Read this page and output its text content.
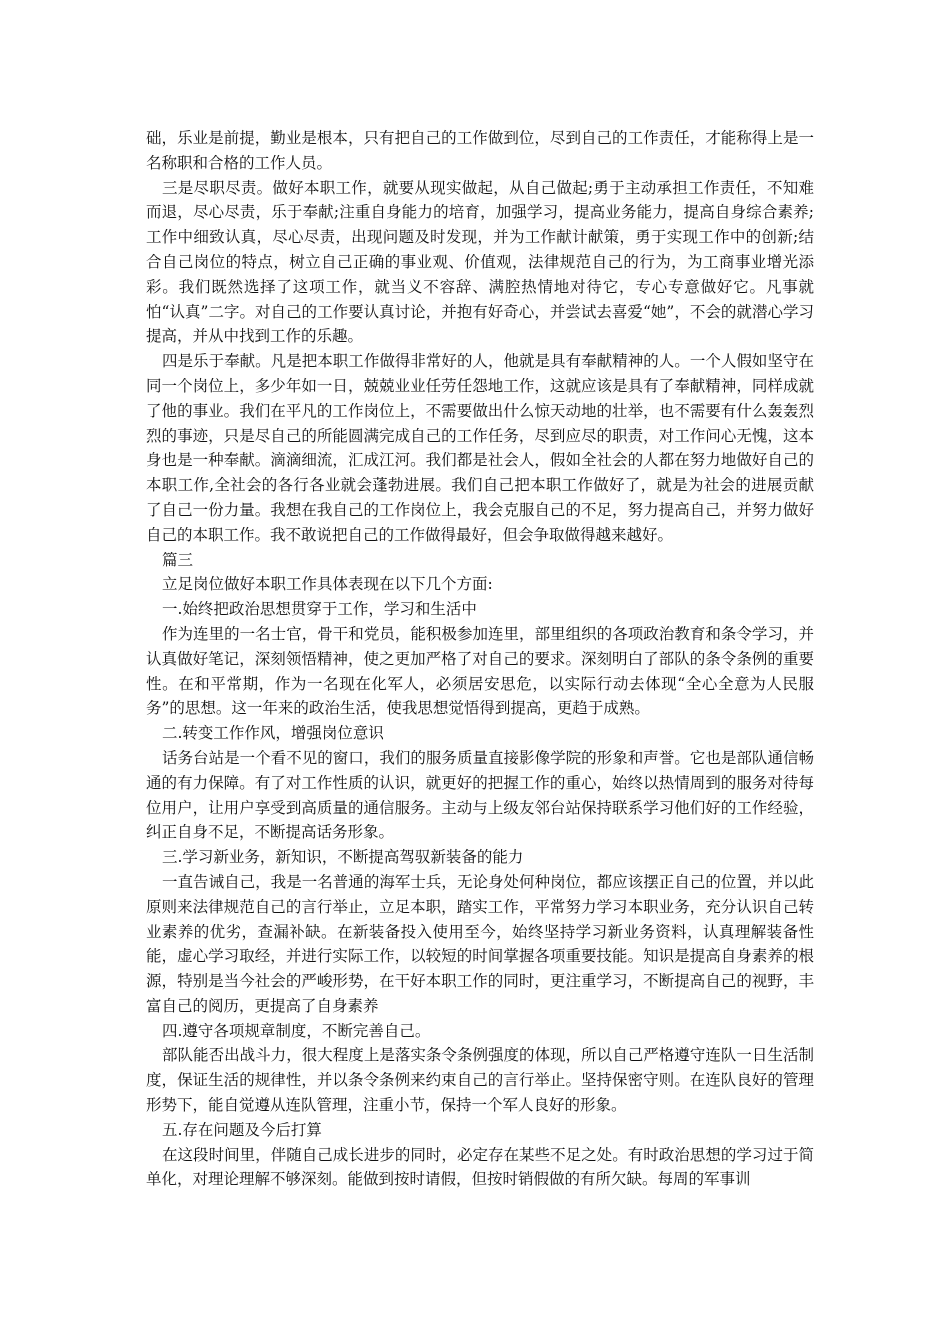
础，乐业是前提，勤业是根本，只有把自己的工作做到位，尽到自己的工作责任，才能称得上是一名称职和合格的工作人员。

三是尽职尽责。做好本职工作，就要从现实做起，从自己做起;勇于主动承担工作责任，不知难而退，尽心尽责，乐于奉献;注重自身能力的培育，加强学习，提高业务能力，提高自身综合素养;工作中细致认真，尽心尽责，出现问题及时发现，并为工作献计献策，勇于实现工作中的创新;结合自己岗位的特点，树立自己正确的事业观、价值观，法律规范自己的行为，为工商事业增光添彩。我们既然选择了这项工作，就当义不容辞、满腔热情地对待它，专心专意做好它。凡事就怕“认真”二字。对自己的工作要认真讨论，并抱有好奇心，并尝试去喜爱“她”，不会的就潜心学习提高，并从中找到工作的乐趣。

四是乐于奉献。凡是把本职工作做得非常好的人，他就是具有奉献精神的人。一个人假如坚守在同一个岗位上，多少年如一日，兢兢业业任劳任怨地工作，这就应该是具有了奉献精神，同样成就了他的事业。我们在平凡的工作岗位上，不需要做出什么惊天动地的壮举，也不需要有什么轰轰烈烈的事迹，只是尽自己的所能圆满完成自己的工作任务，尽到应尽的职责，对工作问心无愧，这本身也是一种奉献。滴滴细流，汇成江河。我们都是社会人，假如全社会的人都在努力地做好自己的本职工作,全社会的各行各业就会蓬勃进展。我们自己把本职工作做好了，就是为社会的进展贡献了自己一份力量。我想在我自己的工作岗位上，我会克服自己的不足，努力提高自己，并努力做好自己的本职工作。我不敢说把自己的工作做得最好，但会争取做得越来越好。

篇三

立足岗位做好本职工作具体表现在以下几个方面:

一.始终把政治思想贯穿于工作，学习和生活中

作为连里的一名士官，骨干和党员，能积极参加连里，部里组织的各项政治教育和条令学习，并认真做好笔记，深刻领悟精神，使之更加严格了对自己的要求。深刻明白了部队的条令条例的重要性。在和平常期，作为一名现在化军人，必须居安思危，以实际行动去体现“全心全意为人民服务”的思想。这一年来的政治生活，使我思想觉悟得到提高，更趋于成熟。

二.转变工作作风，增强岗位意识

话务台站是一个看不见的窗口，我们的服务质量直接影像学院的形象和声誉。它也是部队通信畅通的有力保障。有了对工作性质的认识，就更好的把握工作的重心，始终以热情周到的服务对待每位用户，让用户享受到高质量的通信服务。主动与上级友邻台站保持联系学习他们好的工作经验，纠正自身不足，不断提高话务形象。

三.学习新业务，新知识，不断提高驾驭新装备的能力

一直告诫自己，我是一名普通的海军士兵，无论身处何种岗位，都应该摆正自己的位置，并以此原则来法律规范自己的言行举止，立足本职，踏实工作，平常努力学习本职业务，充分认识自己转业素养的优劣，查漏补缺。在新装备投入使用至今，始终坚持学习新业务资料，认真理解装备性能，虚心学习取经，并进行实际工作，以较短的时间掌握各项重要技能。知识是提高自身素养的根源，特别是当今社会的严峻形势，在干好本职工作的同时，更注重学习，不断提高自己的视野，丰富自己的阅历，更提高了自身素养

四.遵守各项规章制度，不断完善自己。

部队能否出战斗力，很大程度上是落实条令条例强度的体现，所以自己严格遵守连队一日生活制度，保证生活的规律性，并以条令条例来约束自己的言行举止。坚持保密守则。在连队良好的管理形势下，能自觉遵从连队管理，注重小节，保持一个军人良好的形象。

五.存在问题及今后打算

在这段时间里，伴随自己成长进步的同时，必定存在某些不足之处。有时政治思想的学习过于简单化，对理论理解不够深刻。能做到按时请假，但按时销假做的有所欠缺。每周的军事训
